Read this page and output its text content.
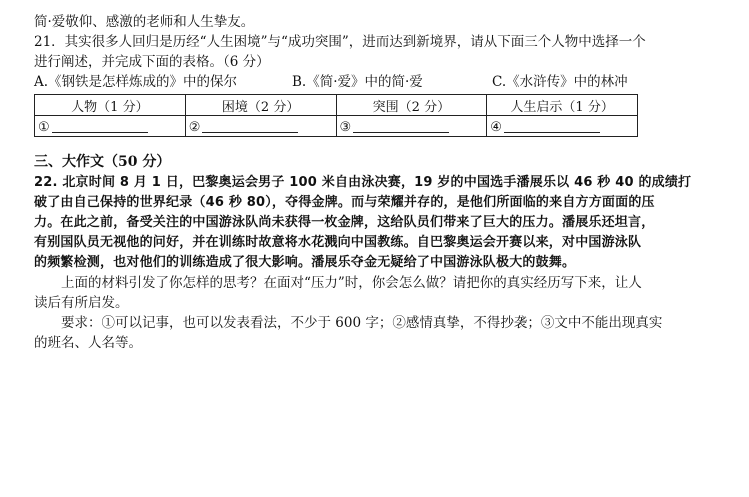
简·爱敬仰、感激的老师和人生挚友。
21．其实很多人回归是历经“人生困境”与“成功突围”，进而达到新境界，请从下面三个人物中选择一个
进行阐述，并完成下面的表格。（6 分）
A.《钢铁是怎样炼成的》中的保尔	B.《简·爱》中的简·爱	C.《水浒传》中的林冲
人物（1 分）	困境（2 分）	突围（2 分）	人生启示（1 分）
①	②	③	④
三、大作文（50 分）
22. 北京时间 8 月 1 日，巴黎奥运会男子 100 米自由泳决赛，19 岁的中国选手潘展乐以 46 秒 40 的成绩打
破了由自己保持的世界纪录（46 秒 80），夺得金牌。而与荣耀并存的，是他们所面临的来自方方面面的压
力。在此之前，备受关注的中国游泳队尚未获得一枚金牌，这给队员们带来了巨大的压力。潘展乐还坦言，
有别国队员无视他的问好，并在训练时故意将水花溅向中国教练。自巴黎奥运会开赛以来，对中国游泳队
的频繁检测，也对他们的训练造成了很大影响。潘展乐夺金无疑给了中国游泳队极大的鼓舞。
上面的材料引发了你怎样的思考？在面对“压力”时，你会怎么做？请把你的真实经历写下来，让人
读后有所启发。
要求：①可以记事，也可以发表看法，不少于 600 字；②感情真挚，不得抄袭；③文中不能出现真实
的班名、人名等。
